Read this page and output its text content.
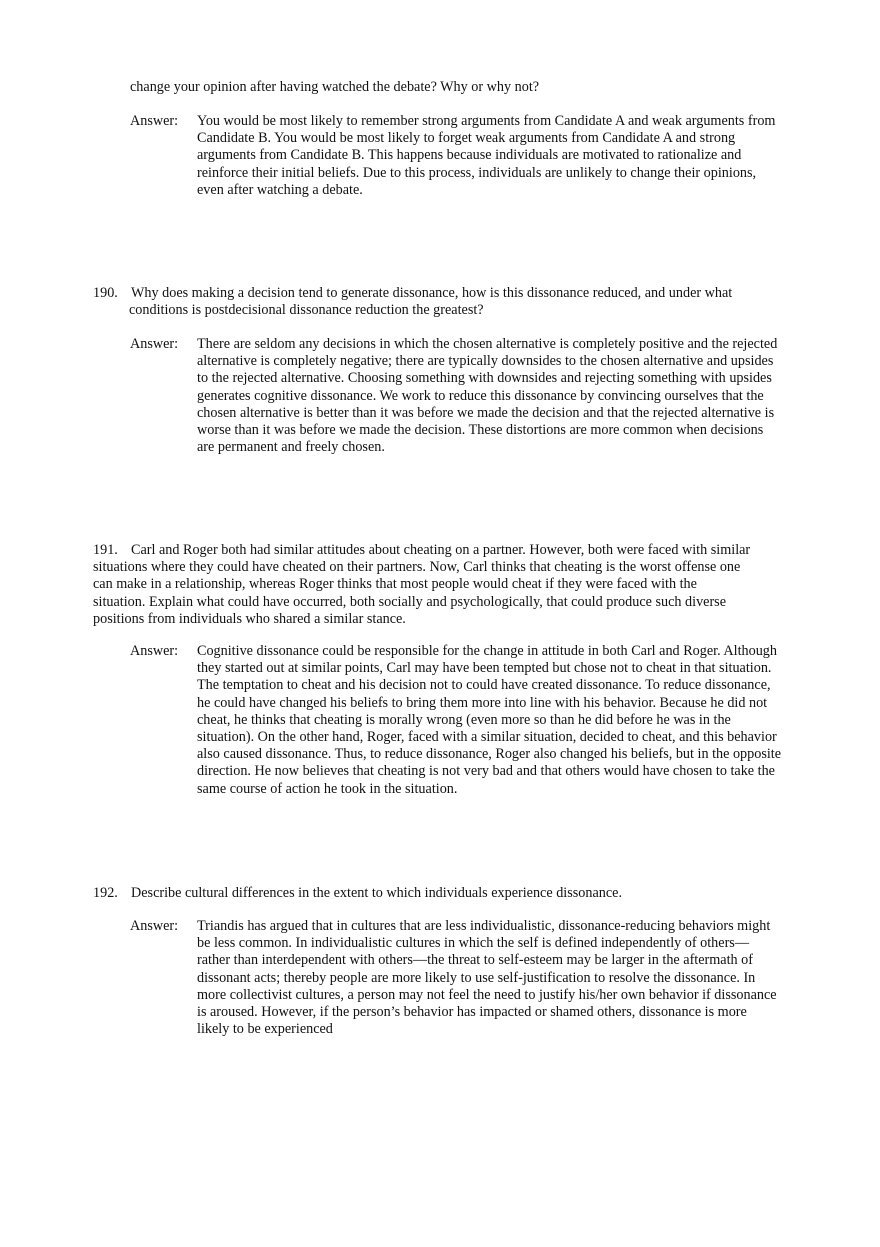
change your opinion after having watched the debate? Why or why not?
Answer: You would be most likely to remember strong arguments from Candidate A and weak arguments from
Candidate B. You would be most likely to forget weak arguments from Candidate A and strong
arguments from Candidate B. This happens because individuals are motivated to rationalize and
reinforce their initial beliefs. Due to this process, individuals are unlikely to change their opinions,
even after watching a debate.
190. Why does making a decision tend to generate dissonance, how is this dissonance reduced, and under what
conditions is postdecisional dissonance reduction the greatest?
Answer: There are seldom any decisions in which the chosen alternative is completely positive and the rejected
alternative is completely negative; there are typically downsides to the chosen alternative and upsides
to the rejected alternative. Choosing something with downsides and rejecting something with upsides
generates cognitive dissonance. We work to reduce this dissonance by convincing ourselves that the
chosen alternative is better than it was before we made the decision and that the rejected alternative is
worse than it was before we made the decision. These distortions are more common when decisions
are permanent and freely chosen.
191. Carl and Roger both had similar attitudes about cheating on a partner. However, both were faced with similar
situations where they could have cheated on their partners. Now, Carl thinks that cheating is the worst offense one
can make in a relationship, whereas Roger thinks that most people would cheat if they were faced with the
situation. Explain what could have occurred, both socially and psychologically, that could produce such diverse
positions from individuals who shared a similar stance.
Answer: Cognitive dissonance could be responsible for the change in attitude in both Carl and Roger. Although
they started out at similar points, Carl may have been tempted but chose not to cheat in that situation.
The temptation to cheat and his decision not to could have created dissonance. To reduce dissonance,
he could have changed his beliefs to bring them more into line with his behavior. Because he did not
cheat, he thinks that cheating is morally wrong (even more so than he did before he was in the
situation). On the other hand, Roger, faced with a similar situation, decided to cheat, and this behavior
also caused dissonance. Thus, to reduce dissonance, Roger also changed his beliefs, but in the opposite
direction. He now believes that cheating is not very bad and that others would have chosen to take the
same course of action he took in the situation.
192. Describe cultural differences in the extent to which individuals experience dissonance.
Answer: Triandis has argued that in cultures that are less individualistic, dissonance-reducing behaviors might
be less common. In individualistic cultures in which the self is defined independently of others—
rather than interdependent with others—the threat to self-esteem may be larger in the aftermath of
dissonant acts; thereby people are more likely to use self-justification to resolve the dissonance. In
more collectivist cultures, a person may not feel the need to justify his/her own behavior if dissonance
is aroused. However, if the person’s behavior has impacted or shamed others, dissonance is more
likely to be experienced
